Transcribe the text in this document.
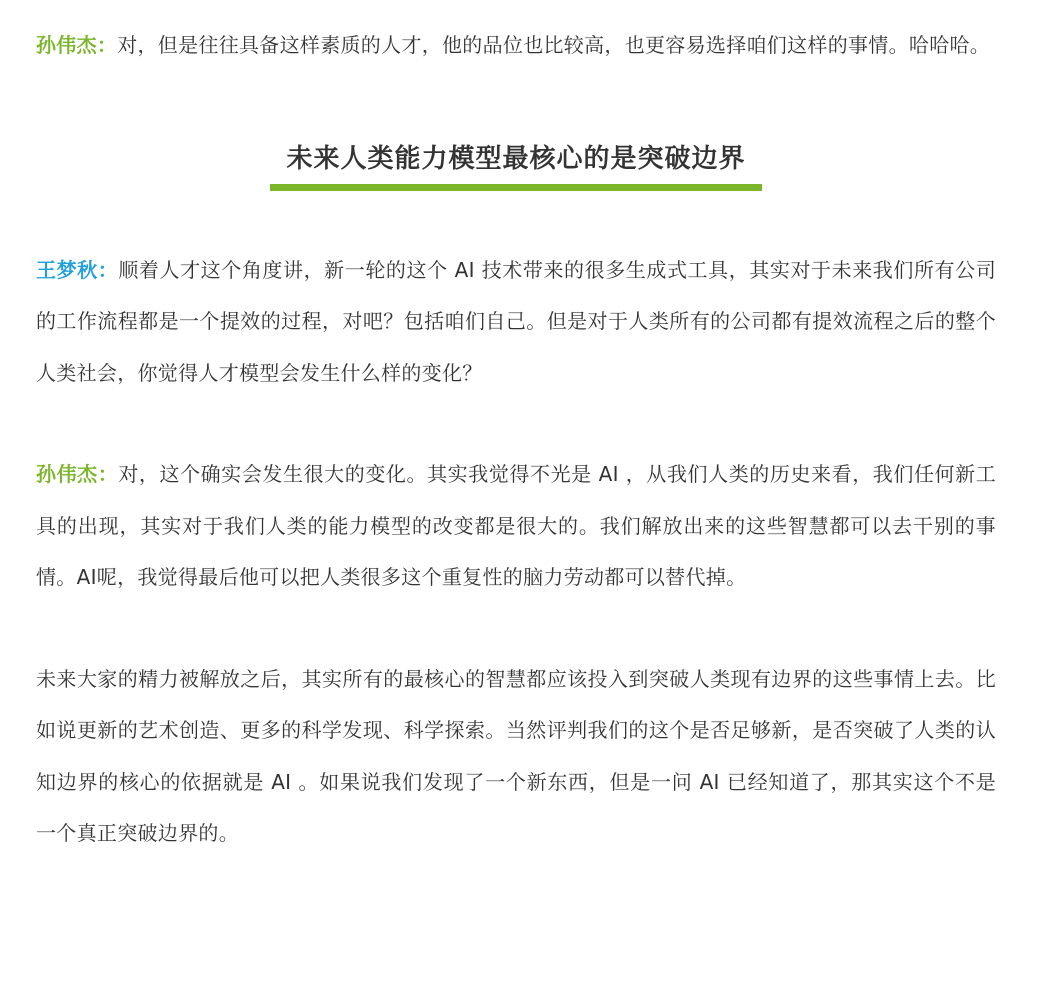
孙伟杰：对，但是往往具备这样素质的人才，他的品位也比较高，也更容易选择咱们这样的事情。哈哈哈。

未来人类能力模型最核心的是突破边界

王梦秋：顺着人才这个角度讲，新一轮的这个 AI 技术带来的很多生成式工具，其实对于未来我们所有公司的工作流程都是一个提效的过程，对吧？包括咱们自己。但是对于人类所有的公司都有提效流程之后的整个人类社会，你觉得人才模型会发生什么样的变化？

孙伟杰：对，这个确实会发生很大的变化。其实我觉得不光是 AI ，从我们人类的历史来看，我们任何新工具的出现，其实对于我们人类的能力模型的改变都是很大的。我们解放出来的这些智慧都可以去干别的事情。AI呢，我觉得最后他可以把人类很多这个重复性的脑力劳动都可以替代掉。

未来大家的精力被解放之后，其实所有的最核心的智慧都应该投入到突破人类现有边界的这些事情上去。比如说更新的艺术创造、更多的科学发现、科学探索。当然评判我们的这个是否足够新，是否突破了人类的认知边界的核心的依据就是 AI 。如果说我们发现了一个新东西，但是一问 AI 已经知道了，那其实这个不是一个真正突破边界的。
